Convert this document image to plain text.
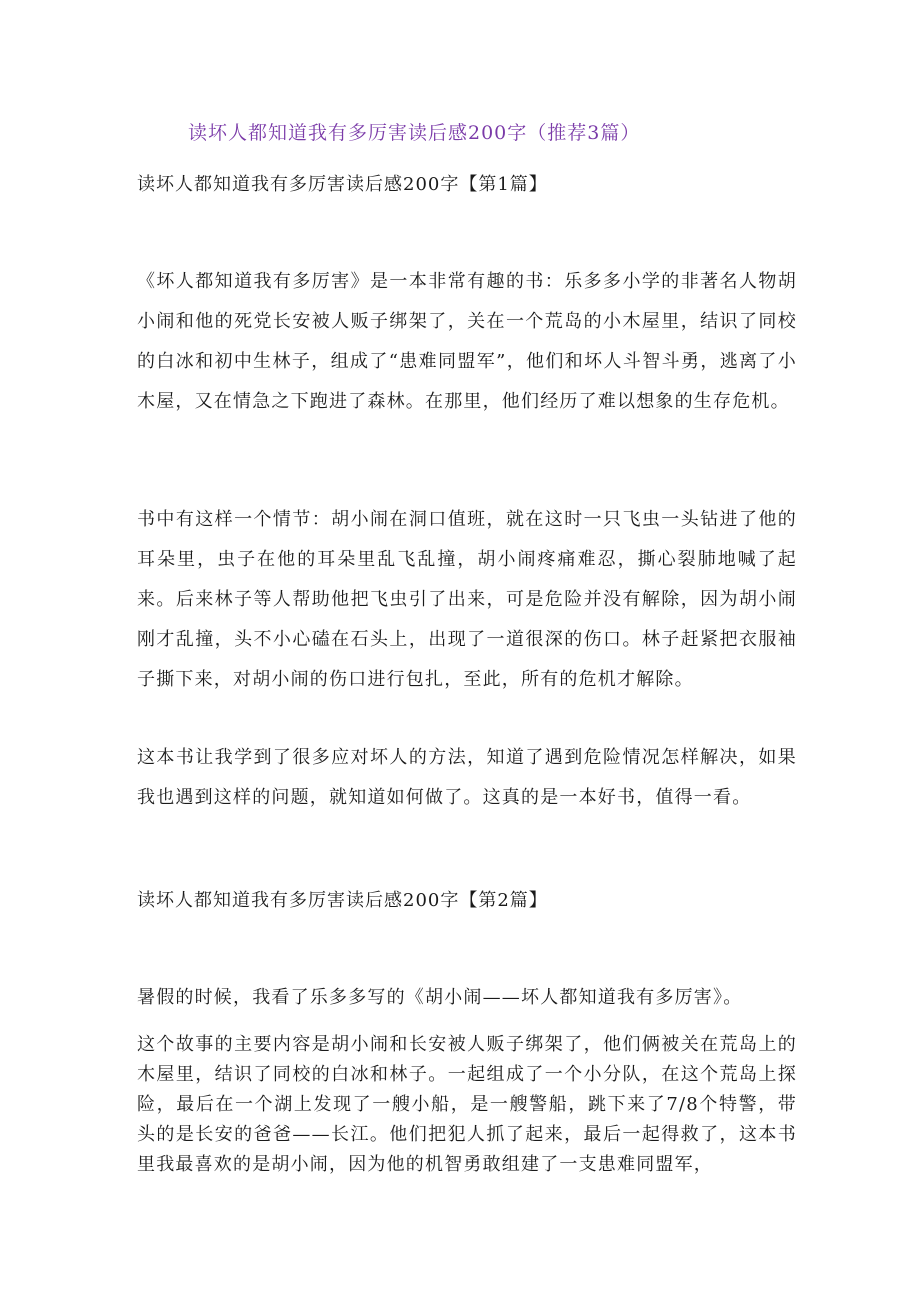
读坏人都知道我有多厉害读后感200字（推荐3篇）
读坏人都知道我有多厉害读后感200字【第1篇】

《坏人都知道我有多厉害》是一本非常有趣的书：乐多多小学的非著名人物胡小闹和他的死党长安被人贩子绑架了，关在一个荒岛的小木屋里，结识了同校的白冰和初中生林子，组成了“患难同盟军”，他们和坏人斗智斗勇，逃离了小木屋，又在情急之下跑进了森林。在那里，他们经历了难以想象的生存危机。

书中有这样一个情节：胡小闹在洞口值班，就在这时一只飞虫一头钻进了他的耳朵里，虫子在他的耳朵里乱飞乱撞，胡小闹疼痛难忍，撕心裂肺地喊了起来。后来林子等人帮助他把飞虫引了出来，可是危险并没有解除，因为胡小闹刚才乱撞，头不小心磕在石头上，出现了一道很深的伤口。林子赶紧把衣服袖子撕下来，对胡小闹的伤口进行包扎，至此，所有的危机才解除。

这本书让我学到了很多应对坏人的方法，知道了遇到危险情况怎样解决，如果我也遇到这样的问题，就知道如何做了。这真的是一本好书，值得一看。

读坏人都知道我有多厉害读后感200字【第2篇】

暑假的时候，我看了乐多多写的《胡小闹——坏人都知道我有多厉害》。

这个故事的主要内容是胡小闹和长安被人贩子绑架了，他们俩被关在荒岛上的木屋里，结识了同校的白冰和林子。一起组成了一个小分队，在这个荒岛上探险，最后在一个湖上发现了一艘小船，是一艘警船，跳下来了7/8个特警，带头的是长安的爸爸——长江。他们把犯人抓了起来，最后一起得救了，这本书里我最喜欢的是胡小闹，因为他的机智勇敢组建了一支患难同盟军，
